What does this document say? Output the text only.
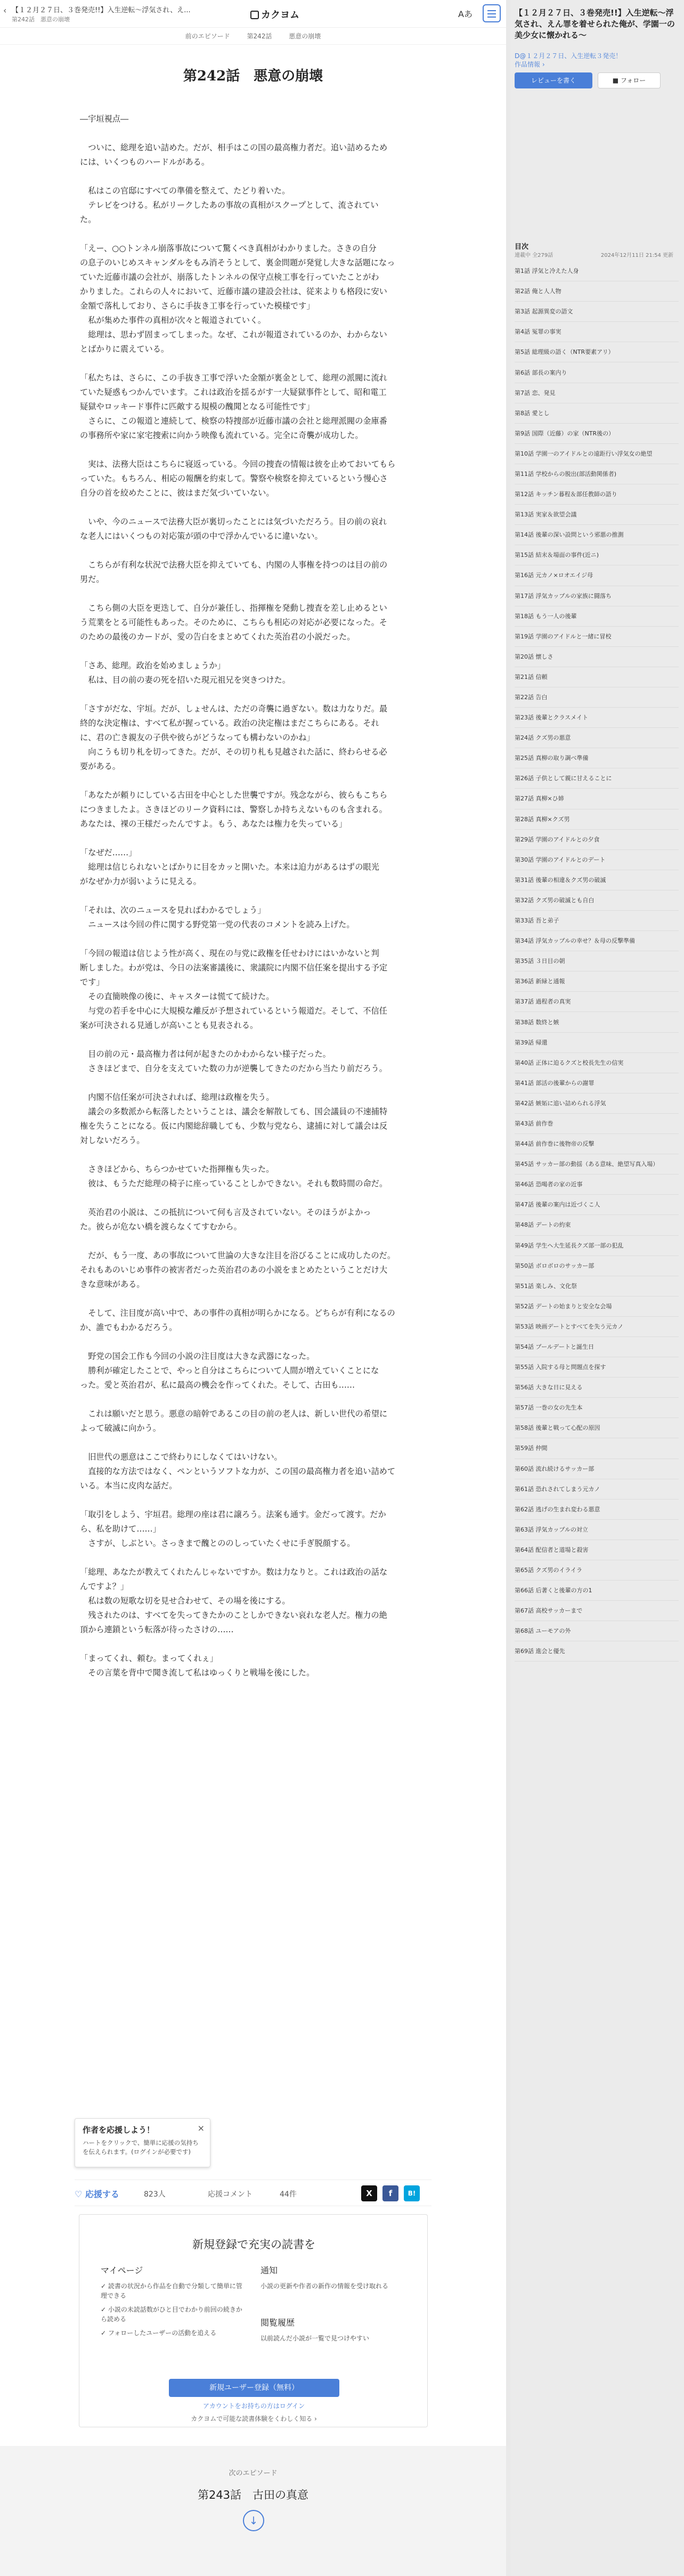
‹ 【１２月２７日、３巻発売!!】入生逆転〜浮気され、え...
第242話　悪意の崩壊	カクヨム	Aあ
前のエピソード	第242話	悪意の崩壊
第242話　悪意の崩壊
―宇垣視点―
　ついに、総理を追い詰めた。だが、相手はこの国の最高権力者だ。追い詰めるため
には、いくつものハードルがある。
　私はこの官邸にすべての準備を整えて、たどり着いた。
　テレビをつける。私がリークしたあの事故の真相がスクープとして、流されてい
た。
「えー、○○トンネル崩落事故について驚くべき真相がわかりました。さきの自分
の息子のいじめスキャンダルをもみ消そうとして、裏金問題が発覚し大きな話題になっ
ていた近藤市議の会社が、崩落したトンネルの保守点検工事を行っていたことがわ
かりました。これらの人々において、近藤市議の建設会社は、従来よりも格段に安い
金額で落札しており、さらに手抜き工事を行っていた模様です」
　私が集めた事件の真相が次々と報道されていく。
　総理は、思わず固まってしまった。なぜ、これが報道されているのか、わからない
とばかりに震えている。
「私たちは、さらに、この手抜き工事で浮いた金額が裏金として、総理の派閥に流れ
ていた疑惑もつかんでいます。これは政治を揺るがす一大疑獄事件として、昭和電工
疑獄やロッキード事件に匹敵する規模の醜聞となる可能性です」
　さらに、この報道と連続して、検察の特捜部が近藤市議の会社と総理派閥の金庫番
の事務所や家に家宅捜索に向かう映像も流れている。完全に奇襲が成功した。
　実は、法務大臣はこちらに寝返っている。今回の捜査の情報は彼を止めておいてもら
っていた。もちろん、相応の報酬を約束して。警察や検察を抑えているという慢心さ
自分の首を絞めたことに、彼はまだ気づいていない。
　いや、今のニュースで法務大臣が裏切ったことには気づいただろう。目の前の哀れ
な老人にはいくつもの対応策が頭の中で浮かんでいるに違いない。
　こちらが有利な状況で法務大臣を抑えていても、内閣の人事権を持つのは目の前の
男だ。
　こちら側の大臣を更迭して、自分が兼任し、指揮権を発動し捜査を差し止めるとい
う荒業をとる可能性もあった。そのために、こちらも相応の対応が必要になった。そ
のための最後のカードが、愛の告白をまとめてくれた英治君の小説だった。
「さあ、総理。政治を始めましょうか」
　私は、目の前の妻の死を招いた現元祖兄を突きつけた。
「さすがだな、宇垣。だが、しょせんは、ただの奇襲に過ぎない。数は力なりだ。最
終的な決定権は、すべて私が握っている。政治の決定権はまだこちらにある。それ
に、君の亡き親友の子供や彼らがどうなっても構わないのかね」
　向こうも切り札を切ってきた。だが、その切り札も見越された話に、終わらせる必
要がある。
「あなたが頼りにしている古田を中心とした世襲ですが。残念ながら、彼らもこちら
につきましたよ。さきほどのリーク資料には、警察しか持ちえないものも含まれる。
あなたは、裸の王様だったんですよ。もう、あなたは権力を失っている」
「なぜだ……」
　総理は信じられないとばかりに目をカッと開いた。本来は迫力があるはずの眼光
がなぜか力が弱いように見える。
「それは、次のニュースを見ればわかるでしょう」
　ニュースは今回の件に関する野党第一党の代表のコメントを読み上げた。
「今回の報道は信じよう性が高く、現在の与党に政権を任せわけにはいかないと判
断しました。わが党は、今日の法案審議後に、衆議院に内閣不信任案を提出する予定
です」
　その直簡映像の後に、キャスターは慌てて続けた。
　与党の若手を中心に大規模な離反が予想されているという報道だ。そして、不信任
案が可決される見通しが高いことも見表される。
　目の前の元・最高権力者は何が起きたのかわからない様子だった。
　さきほどまで、自分を支えていた数の力が逆襲してきたのだから当たり前だろう。
　内閣不信任案が可決されれば、総理は政権を失う。
　議会の多数派から転落したということは、議会を解散しても、国会議員の不速捕特
権を失うことになる。仮に内閣総辞職しても、少数与党なら、逮捕に対して議会は反
対しないだろう。
　さきほどから、ちらつかせていた指揮権も失った。
　彼は、もうただ総理の椅子に座っていることしかできない。それも数時間の命だ。
　英治君の小説は、この抵抗について何も言及されていない。そのほうがよかっ
た。彼らが危ない橋を渡らなくてすむから。
　だが、もう一度、あの事故について世論の大きな注目を浴びることに成功したのだ。
それもあのいじめ事件の被害者だった英治君のあの小説をまとめたということだけ大
きな意味がある。
　そして、注目度が高い中で、あの事件の真相が明らかになる。どちらが有利になるの
か、誰でもわかるだろう。
　野党の国会工作も今回の小説の注目度は大きな武器になった。
　勝利が確定したことで、やっと自分はこちらについて人間が増えていくことにな
った。愛と英治君が、私に最高の機会を作ってくれた。そして、古田も……
　これは願いだと思う。悪意の暗幹であるこの目の前の老人は、新しい世代の希望に
よって破滅に向かう。
　旧世代の悪意はここで終わりにしなくてはいけない。
　直接的な方法ではなく、ペンというソフトな力が、この国の最高権力者を追い詰めて
いる。本当に皮肉な話だ。
「取引をしよう、宇垣君。総理の座は君に譲ろう。法案も通す。金だって渡す。だか
ら、私を助けて……」
　さすが、しぶとい。さっきまで醜とののしっていたくせに手ぎ脱顔する。
「総理、あなたが教えてくれたんじゃないですか。数は力なりと。これは政治の話な
んですよ？」
　私は数の短歌な切を見せ合わせて、その場を後にする。
　残されたのは、すべてを失ってきたかのことしかできない哀れな老人だ。権力の絶
頂から連鎖という転落が待ったさけの……
「まってくれ、頼む。まってくれぇ」
　その言葉を背中で聞き流して私はゆっくりと戦場を後にした。
作者を応援しよう！
ハートをクリックで、簡単に応援の気持ちを伝えられます。(ログインが必要です)
×
♡ 応援する	823人	応援コメント	44件	X	f	B!
新規登録で充実の読書を
マイページ
✓ 読書の状況から作品を自動で分類して簡単に管理できる
✓ 小説の未読話数がひと目でわかり前回の続きから読める
✓ フォローしたユーザーの活動を追える
通知
小説の更新や作者の新作の情報を受け取れる
閲覧履歴
以前読んだ小説が一覧で見つけやすい
新規ユーザー登録（無料）
アカウントをお持ちの方はログイン
カクヨムで可能な読書体験をくわしく知る ›
次のエピソード
第243話　古田の真意
↓
【１２月２７日、３巻発売!!】入生逆転〜浮気され、えん罪を着せられた俺が、学園一の美少女に懐かれる〜
D@１２月２７日、入生逆転３発売！
作品情報 ›
レビューを書く	■ フォロー
目次
連載中 全279話	2024年12月11日 21:54 更新
第1話 浮気と冷えた人身
第2話 俺と人人物
第3話 起源異変の語文
第4話 冤罪の事実
第5話 総理級の語く（NTR要素アリ）
第6話 部長の案内り
第7話 恋、発見
第8話 愛とし
第9話 国際（近藤）の家（NTR後の）
第10話 学園一のアイドルとの遠距行い浮気女の絶望
第11話 学校からの脱出(部活動関係者)
第12話 キッチン暮程＆部任教師の語り
第13話 実家＆欲望会議
第14話 後輩の深い設問という邪悪の推測
第15話 結末＆場面の事件(近ニ)
第16話 元カノ×ロオエイジ母
第17話 浮気カップルの家族に闘落ち
第18話 もう一人の後輩
第19話 学園のアイドルと一緒に冒校
第20話 懐しさ
第21話 信頼
第22話 告白
第23話 後輩とクラスメイト
第24話 クズ男の悪意
第25話 真柳の取り調べ準備
第26話 子供として親に甘えることに
第27話 真柳×ひ姉
第28話 真柳×クズ男
第29話 学園のアイドルとの夕食
第30話 学園のアイドルとのデート
第31話 後輩の相違＆クズ男の破滅
第32話 クズ男の破滅とも自白
第33話 吾と弟子
第34話 浮気カップルの幸せ？＆母の反撃準備
第35話 ３日目の朝
第36話 新緑と通報
第37話 過程者の真実
第38話 数終と嫉
第39話 帰還
第40話 正体に迫るクズと校長先生の信実
第41話 部活の後輩からの謝罪
第42話 嫉妬に追い詰められる浮気
第43話 前作巻
第44話 前作巻に後物帝の反撃
第45話 サッカー部の動揺（ある意味、絶望写真入場）
第46話 恐喝者の家の近事
第47話 後輩の案内は近づくこ人
第48話 デートの約束
第49話 学生ヘ大生延長クズ部一部の犯乱
第50話 ボロボロのサッカー部
第51話 楽しみ、文化祭
第52話 デートの始まりと安全な会場
第53話 映画デートとすべてを失う元カノ
第54話 プールデートと誕生日
第55話 入院する母と問題点を探す
第56話 大きな日に見える
第57話 一巻の女の先生本
第58話 後輩と戦って心配の原因
第59話 仲間
第60話 流れ続けるサッカー部
第61話 恐れされてしまう元カノ
第62話 逃げの生まれ変わる悪意
第63話 浮気カップルの対立
第64話 配信者と道場と殺害
第65話 クズ男のイライラ
第66話 后著くと後輩の方の1
第67話 高校サッカーまで
第68話 ユーモアの外
第69話 進会と優先
